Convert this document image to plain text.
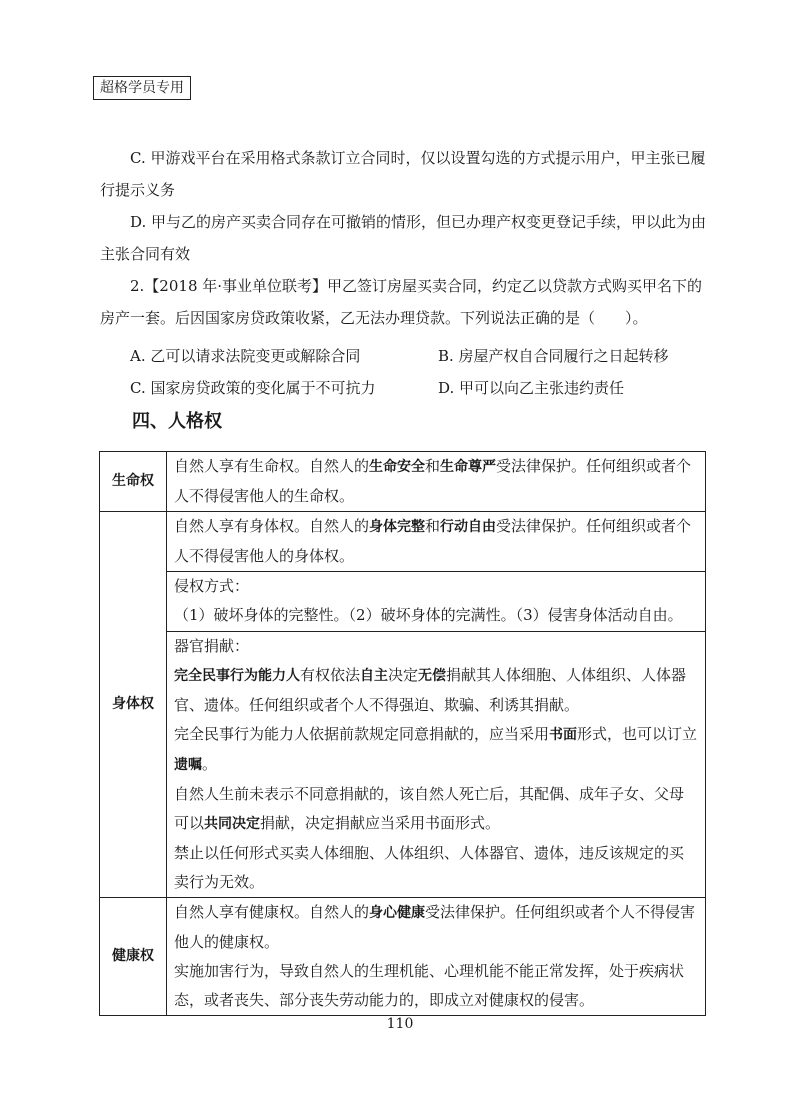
超格学员专用
C. 甲游戏平台在采用格式条款订立合同时，仅以设置勾选的方式提示用户，甲主张已履行提示义务
D. 甲与乙的房产买卖合同存在可撤销的情形，但已办理产权变更登记手续，甲以此为由主张合同有效
2.【2018 年·事业单位联考】甲乙签订房屋买卖合同，约定乙以贷款方式购买甲名下的房产一套。后因国家房贷政策收紧，乙无法办理贷款。下列说法正确的是（　　）。
A. 乙可以请求法院变更或解除合同	B. 房屋产权自合同履行之日起转移
C. 国家房贷政策的变化属于不可抗力	D. 甲可以向乙主张违约责任
四、人格权
生命权	自然人享有生命权。自然人的生命安全和生命尊严受法律保护。任何组织或者个人不得侵害他人的生命权。
身体权	自然人享有身体权。自然人的身体完整和行动自由受法律保护。任何组织或者个人不得侵害他人的身体权。

	侵权方式：
（1）破坏身体的完整性。（2）破坏身体的完满性。（3）侵害身体活动自由。

	器官捐献：
完全民事行为能力人有权依法自主决定无偿捐献其人体细胞、人体组织、人体器官、遗体。任何组织或者个人不得强迫、欺骗、利诱其捐献。
完全民事行为能力人依据前款规定同意捐献的，应当采用书面形式，也可以订立遗嘱。
自然人生前未表示不同意捐献的，该自然人死亡后，其配偶、成年子女、父母可以共同决定捐献，决定捐献应当采用书面形式。
禁止以任何形式买卖人体细胞、人体组织、人体器官、遗体，违反该规定的买卖行为无效。

健康权	自然人享有健康权。自然人的身心健康受法律保护。任何组织或者个人不得侵害他人的健康权。
实施加害行为，导致自然人的生理机能、心理机能不能正常发挥，处于疾病状态，或者丧失、部分丧失劳动能力的，即成立对健康权的侵害。
110
